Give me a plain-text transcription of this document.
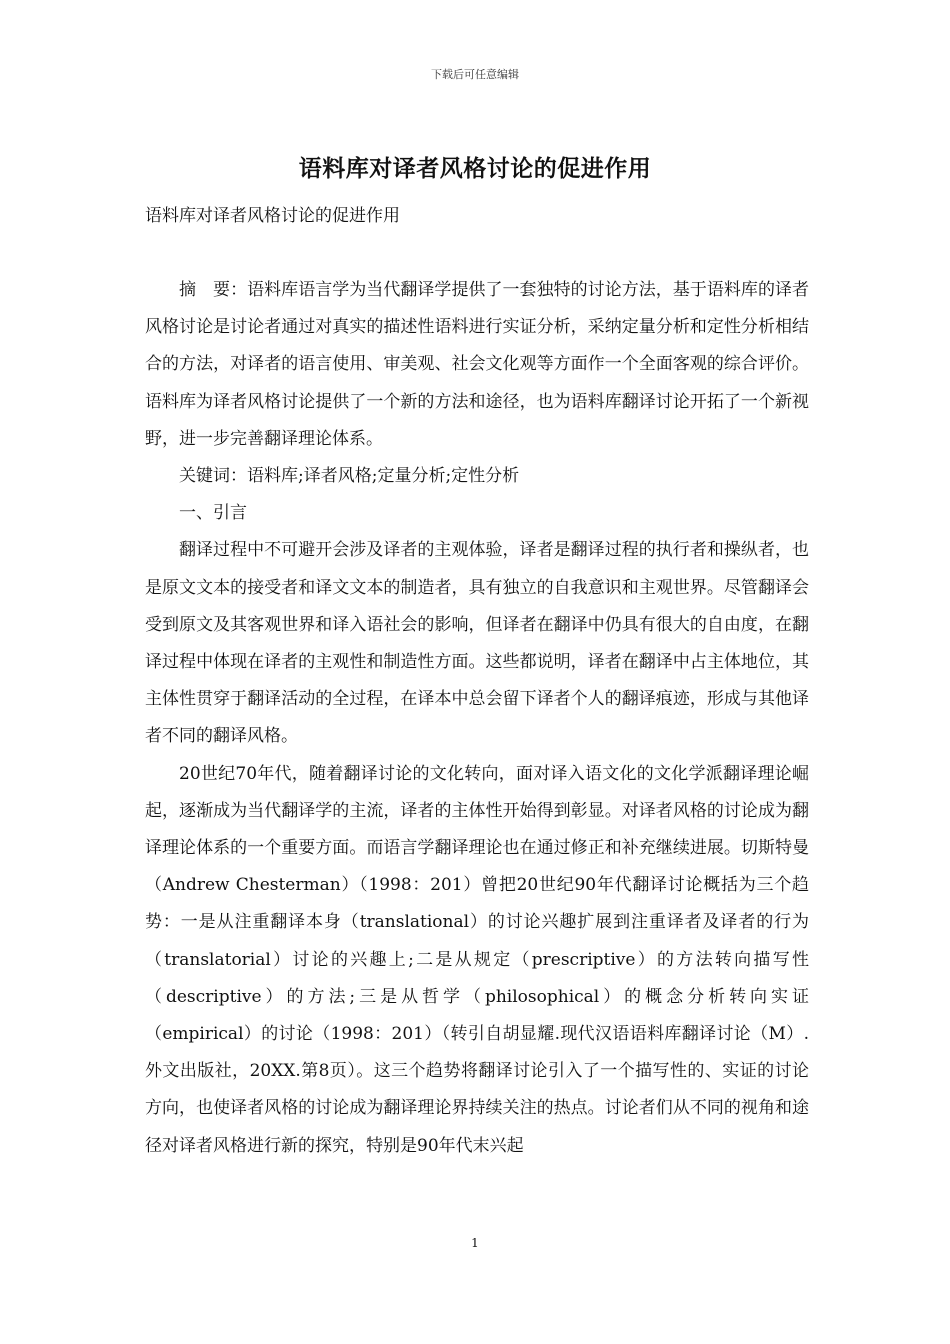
下载后可任意编辑
语料库对译者风格讨论的促进作用
语料库对译者风格讨论的促进作用

摘　要：语料库语言学为当代翻译学提供了一套独特的讨论方法，基于语料库的译者风格讨论是讨论者通过对真实的描述性语料进行实证分析，采纳定量分析和定性分析相结合的方法，对译者的语言使用、审美观、社会文化观等方面作一个全面客观的综合评价。语料库为译者风格讨论提供了一个新的方法和途径，也为语料库翻译讨论开拓了一个新视野，进一步完善翻译理论体系。

关键词：语料库;译者风格;定量分析;定性分析

一、引言

翻译过程中不可避开会涉及译者的主观体验，译者是翻译过程的执行者和操纵者，也是原文文本的接受者和译文文本的制造者，具有独立的自我意识和主观世界。尽管翻译会受到原文及其客观世界和译入语社会的影响，但译者在翻译中仍具有很大的自由度，在翻译过程中体现在译者的主观性和制造性方面。这些都说明，译者在翻译中占主体地位，其主体性贯穿于翻译活动的全过程，在译本中总会留下译者个人的翻译痕迹，形成与其他译者不同的翻译风格。

20世纪70年代，随着翻译讨论的文化转向，面对译入语文化的文化学派翻译理论崛起，逐渐成为当代翻译学的主流，译者的主体性开始得到彰显。对译者风格的讨论成为翻译理论体系的一个重要方面。而语言学翻译理论也在通过修正和补充继续进展。切斯特曼（Andrew Chesterman）（1998：201）曾把20世纪90年代翻译讨论概括为三个趋势：一是从注重翻译本身（translational）的讨论兴趣扩展到注重译者及译者的行为（translatorial）讨论的兴趣上;二是从规定（prescriptive）的方法转向描写性（descriptive）的方法;三是从哲学（philosophical）的概念分析转向实证（empirical）的讨论（1998：201）（转引自胡显耀.现代汉语语料库翻译讨论（M）.外文出版社，20XX.第8页）。这三个趋势将翻译讨论引入了一个描写性的、实证的讨论方向，也使译者风格的讨论成为翻译理论界持续关注的热点。讨论者们从不同的视角和途径对译者风格进行新的探究，特别是90年代末兴起

1
